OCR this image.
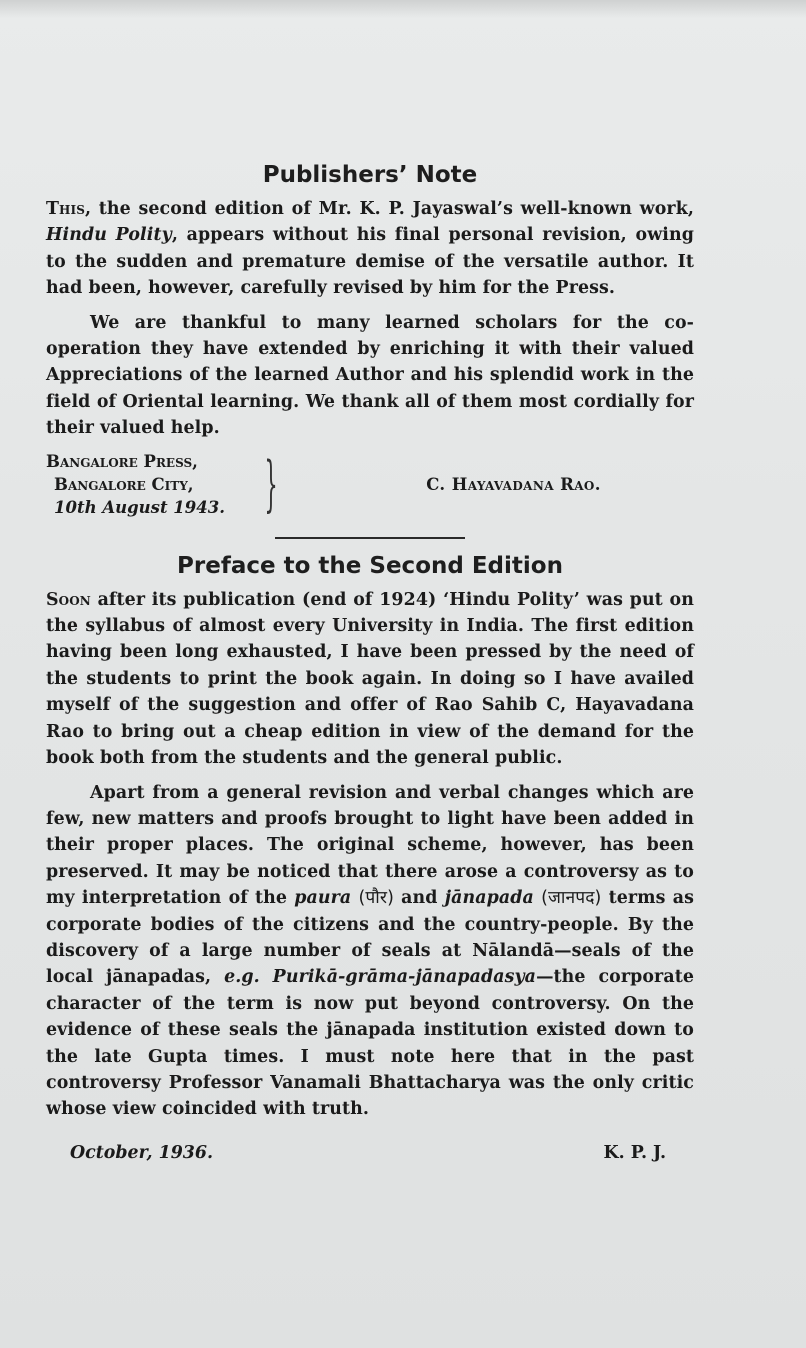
Publishers’ Note

This, the second edition of Mr. K. P. Jayaswal’s well-known work, Hindu Polity, appears without his final personal revision, owing to the sudden and premature demise of the versatile author. It had been, however, carefully revised by him for the Press.

We are thankful to many learned scholars for the co-operation they have extended by enriching it with their valued Appreciations of the learned Author and his splendid work in the field of Oriental learning. We thank all of them most cordially for their valued help.

Bangalore Press,
Bangalore City,
10th August 1943. }	C. Hayavadana Rao.
Preface to the Second Edition

Soon after its publication (end of 1924) ‘Hindu Polity’ was put on the syllabus of almost every University in India. The first edition having been long exhausted, I have been pressed by the need of the students to print the book again. In doing so I have availed myself of the suggestion and offer of Rao Sahib C, Hayavadana Rao to bring out a cheap edition in view of the demand for the book both from the students and the general public.

Apart from a general revision and verbal changes which are few, new matters and proofs brought to light have been added in their proper places. The original scheme, however, has been preserved. It may be noticed that there arose a controversy as to my interpretation of the paura (पौर) and jānapada (जानपद) terms as corporate bodies of the citizens and the country-people. By the discovery of a large number of seals at Nālandā—seals of the local jānapadas, e.g. Purikā-grāma-jānapadasya—the corporate character of the term is now put beyond controversy. On the evidence of these seals the jānapada institution existed down to the late Gupta times. I must note here that in the past controversy Professor Vanamali Bhattacharya was the only critic whose view coincided with truth.

October, 1936.	K. P. J.
